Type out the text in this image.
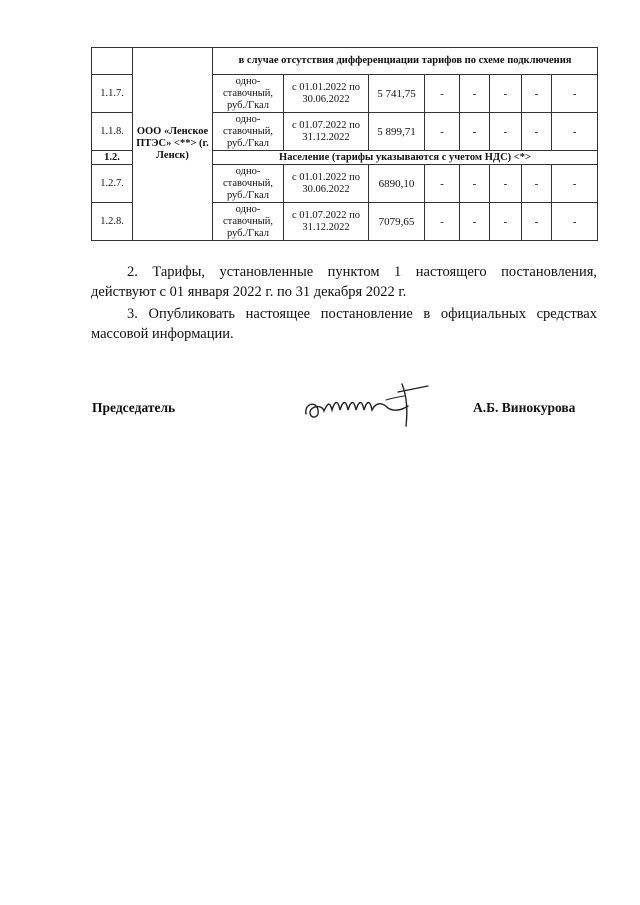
	ООО «Ленское ПТЭС» <**> (г. Ленск)	в случае отсутствия дифференциации тарифов по схеме подключения							
1.1.7.		одно-ставочный, руб./Гкал	с 01.01.2022 по 30.06.2022	5 741,75	-	-	-	-	-
1.1.8.		одно-ставочный, руб./Гкал	с 01.07.2022 по 31.12.2022	5 899,71	-	-	-	-	-
1.2.		Население (тарифы указываются с учетом НДС) <*>							
1.2.7.		одно-ставочный, руб./Гкал	с 01.01.2022 по 30.06.2022	6890,10	-	-	-	-	-
1.2.8.		одно-ставочный, руб./Гкал	с 01.07.2022 по 31.12.2022	7079,65	-	-	-	-	-

2. Тарифы, установленные пунктом 1 настоящего постановления, действуют с 01 января 2022 г. по 31 декабря 2022 г.

3. Опубликовать настоящее постановление в официальных средствах массовой информации.

Председатель	А.Б. Винокурова
